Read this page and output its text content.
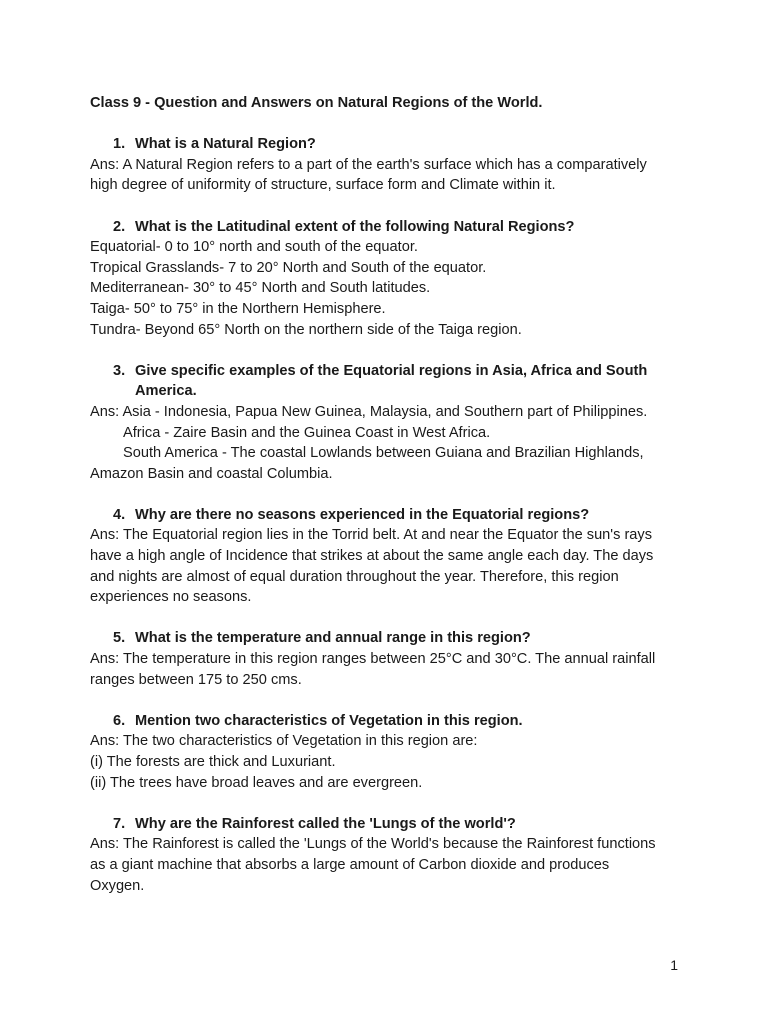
Class 9 - Question and Answers on Natural Regions of the World.

1. What is a Natural Region?

Ans: A Natural Region refers to a part of the earth's surface which has a comparatively

high degree of uniformity of structure, surface form and Climate within it.

2. What is the Latitudinal extent of the following Natural Regions?

Equatorial- 0 to 10° north and south of the equator.

Tropical Grasslands- 7 to 20° North and South of the equator.

Mediterranean- 30° to 45° North and South latitudes.

Taiga- 50° to 75° in the Northern Hemisphere.

Tundra- Beyond 65° North on the northern side of the Taiga region.

3. Give specific examples of the Equatorial regions in Asia, Africa and South America.

Ans: Asia - Indonesia, Papua New Guinea, Malaysia, and Southern part of Philippines.

Africa - Zaire Basin and the Guinea Coast in West Africa.

South America - The coastal Lowlands between Guiana and Brazilian Highlands,

Amazon Basin and coastal Columbia.

4. Why are there no seasons experienced in the Equatorial regions?

Ans: The Equatorial region lies in the Torrid belt. At and near the Equator the sun's rays

have a high angle of Incidence that strikes at about the same angle each day. The days

and nights are almost of equal duration throughout the year. Therefore, this region

experiences no seasons.

5. What is the temperature and annual range in this region?

Ans: The temperature in this region ranges between 25°C and 30°C. The annual rainfall

ranges between 175 to 250 cms.

6. Mention two characteristics of Vegetation in this region.

Ans: The two characteristics of Vegetation in this region are:

(i) The forests are thick and Luxuriant.

(ii) The trees have broad leaves and are evergreen.

7. Why are the Rainforest called the 'Lungs of the world'?

Ans: The Rainforest is called the 'Lungs of the World's because the Rainforest functions

as a giant machine that absorbs a large amount of Carbon dioxide and produces

Oxygen.

1
